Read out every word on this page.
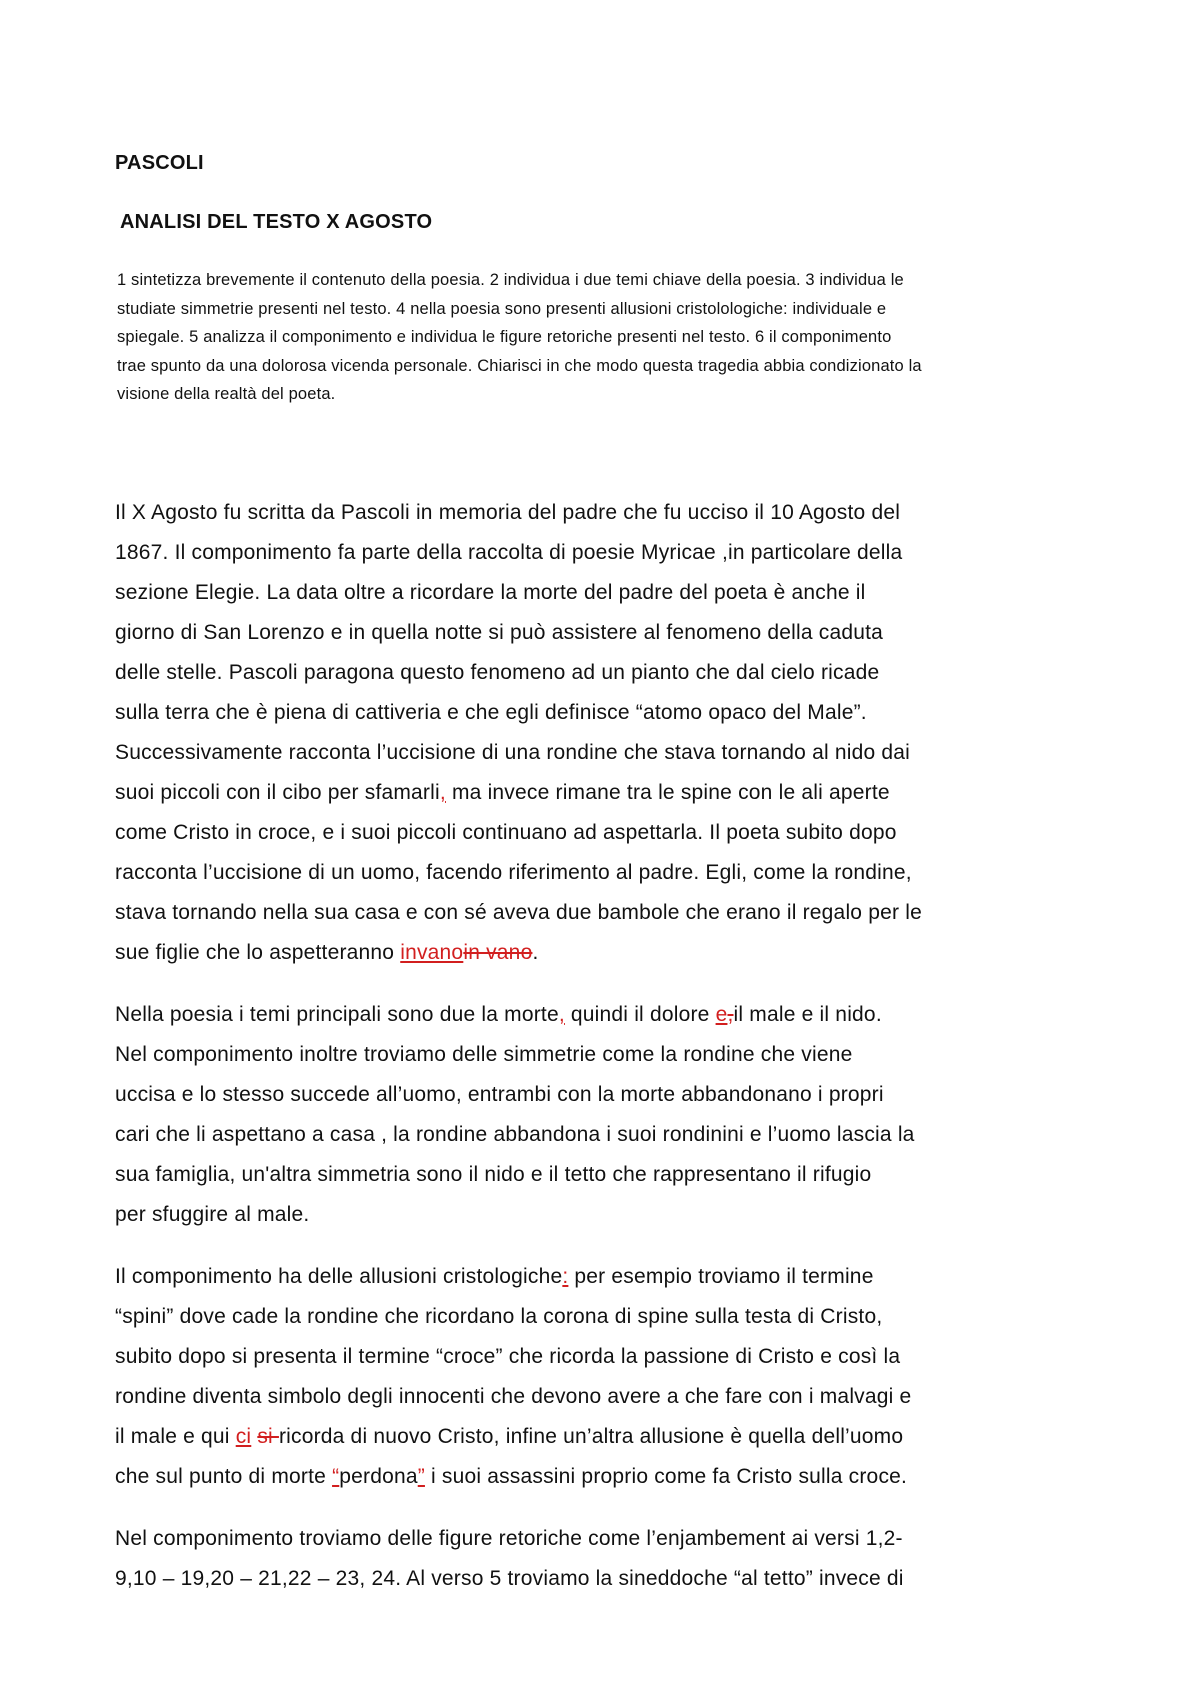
PASCOLI
ANALISI DEL TESTO X AGOSTO
1 sintetizza brevemente il contenuto della poesia. 2 individua i due temi chiave della poesia. 3 individua le
studiate simmetrie presenti nel testo. 4 nella poesia sono presenti allusioni cristolologiche: individuale e
spiegale. 5 analizza il componimento e individua le figure retoriche presenti nel testo. 6 il componimento
trae spunto da una dolorosa vicenda personale. Chiarisci in che modo questa tragedia abbia condizionato la
visione della realtà del poeta.
Il X Agosto fu scritta da Pascoli in memoria del padre che fu ucciso il 10 Agosto del
1867. Il componimento fa parte della raccolta di poesie Myricae ,in particolare della
sezione Elegie. La data oltre a ricordare la morte del padre del poeta è anche il
giorno di San Lorenzo e in quella notte si può assistere al fenomeno della caduta
delle stelle. Pascoli paragona questo fenomeno ad un pianto che dal cielo ricade
sulla terra che è piena di cattiveria e che egli definisce “atomo opaco del Male”.
Successivamente racconta l’uccisione di una rondine che stava tornando al nido dai
suoi piccoli con il cibo per sfamarli, ma invece rimane tra le spine con le ali aperte
come Cristo in croce, e i suoi piccoli continuano ad aspettarla. Il poeta subito dopo
racconta l’uccisione di un uomo, facendo riferimento al padre. Egli, come la rondine,
stava tornando nella sua casa e con sé aveva due bambole che erano il regalo per le
sue figlie che lo aspetteranno invanoin vano.
Nella poesia i temi principali sono due la morte, quindi il dolore e,il male e il nido.
Nel componimento inoltre troviamo delle simmetrie come la rondine che viene
uccisa e lo stesso succede all’uomo, entrambi con la morte abbandonano i propri
cari che li aspettano a casa , la rondine abbandona i suoi rondinini e l’uomo lascia la
sua famiglia, un'altra simmetria sono il nido e il tetto che rappresentano il rifugio
per sfuggire al male.
Il componimento ha delle allusioni cristologiche: per esempio troviamo il termine
“spini” dove cade la rondine che ricordano la corona di spine sulla testa di Cristo,
subito dopo si presenta il termine “croce” che ricorda la passione di Cristo e così la
rondine diventa simbolo degli innocenti che devono avere a che fare con i malvagi e
il male e qui ci si ricorda di nuovo Cristo, infine un’altra allusione è quella dell’uomo
che sul punto di morte “perdona” i suoi assassini proprio come fa Cristo sulla croce.
Nel componimento troviamo delle figure retoriche come l’enjambement ai versi 1,2-
9,10 – 19,20 – 21,22 – 23, 24. Al verso 5 troviamo la sineddoche “al tetto” invece di
